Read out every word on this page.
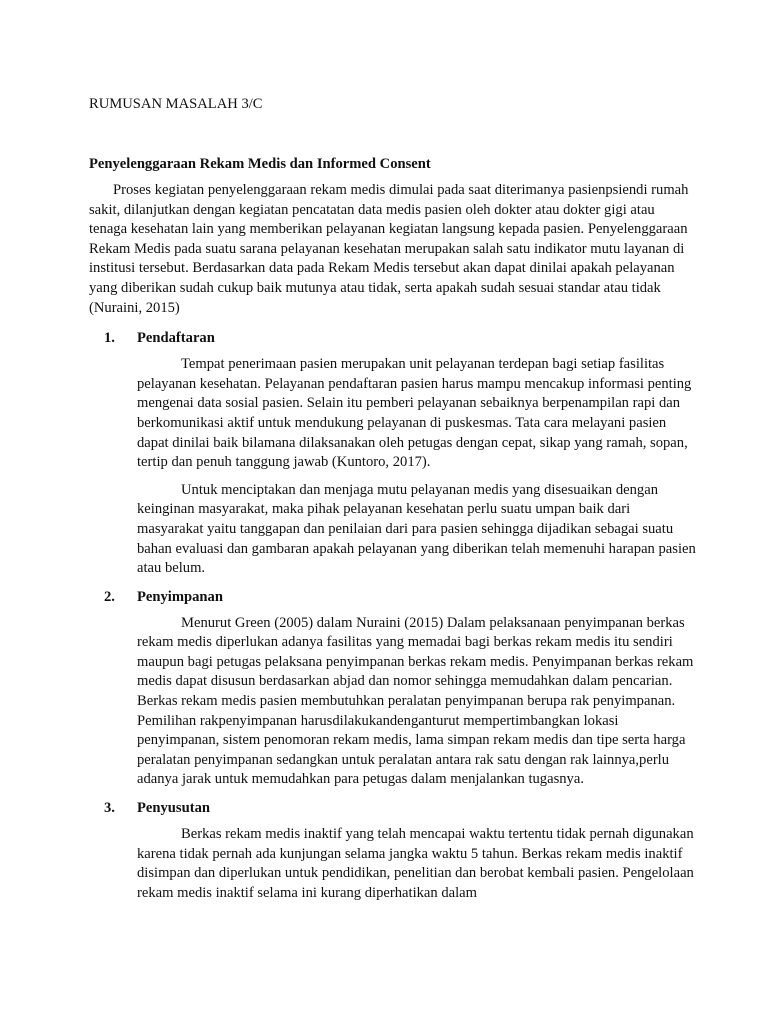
RUMUSAN MASALAH 3/C
Penyelenggaraan Rekam Medis dan Informed Consent

Proses kegiatan penyelenggaraan rekam medis dimulai pada saat diterimanya pasienpsiendi rumah sakit, dilanjutkan dengan kegiatan pencatatan data medis pasien oleh dokter atau dokter gigi atau tenaga kesehatan lain yang memberikan pelayanan kegiatan langsung kepada pasien. Penyelenggaraan Rekam Medis pada suatu sarana pelayanan kesehatan merupakan salah satu indikator mutu layanan di institusi tersebut. Berdasarkan data pada Rekam Medis tersebut akan dapat dinilai apakah pelayanan yang diberikan sudah cukup baik mutunya atau tidak, serta apakah sudah sesuai standar atau tidak (Nuraini, 2015)

1.	Pendaftaran

Tempat penerimaan pasien merupakan unit pelayanan terdepan bagi setiap fasilitas pelayanan kesehatan. Pelayanan pendaftaran pasien harus mampu mencakup informasi penting mengenai data sosial pasien. Selain itu pemberi pelayanan sebaiknya berpenampilan rapi dan berkomunikasi aktif untuk mendukung pelayanan di puskesmas. Tata cara melayani pasien dapat dinilai baik bilamana dilaksanakan oleh petugas dengan cepat, sikap yang ramah, sopan, tertip dan penuh tanggung jawab (Kuntoro, 2017).

Untuk menciptakan dan menjaga mutu pelayanan medis yang disesuaikan dengan keinginan masyarakat, maka pihak pelayanan kesehatan perlu suatu umpan baik dari masyarakat yaitu tanggapan dan penilaian dari para pasien sehingga dijadikan sebagai suatu bahan evaluasi dan gambaran apakah pelayanan yang diberikan telah memenuhi harapan pasien atau belum.

2.	Penyimpanan

Menurut Green (2005) dalam Nuraini (2015) Dalam pelaksanaan penyimpanan berkas rekam medis diperlukan adanya fasilitas yang memadai bagi berkas rekam medis itu sendiri maupun bagi petugas pelaksana penyimpanan berkas rekam medis. Penyimpanan berkas rekam medis dapat disusun berdasarkan abjad dan nomor sehingga memudahkan dalam pencarian. Berkas rekam medis pasien membutuhkan peralatan penyimpanan berupa rak penyimpanan. Pemilihan rakpenyimpanan harusdilakukandenganturut mempertimbangkan lokasi penyimpanan, sistem penomoran rekam medis, lama simpan rekam medis dan tipe serta harga peralatan penyimpanan sedangkan untuk peralatan antara rak satu dengan rak lainnya,perlu adanya jarak untuk memudahkan para petugas dalam menjalankan tugasnya.

3.	Penyusutan

Berkas rekam medis inaktif yang telah mencapai waktu tertentu tidak pernah digunakan karena tidak pernah ada kunjungan selama jangka waktu 5 tahun. Berkas rekam medis inaktif disimpan dan diperlukan untuk pendidikan, penelitian dan berobat kembali pasien. Pengelolaan rekam medis inaktif selama ini kurang diperhatikan dalam
